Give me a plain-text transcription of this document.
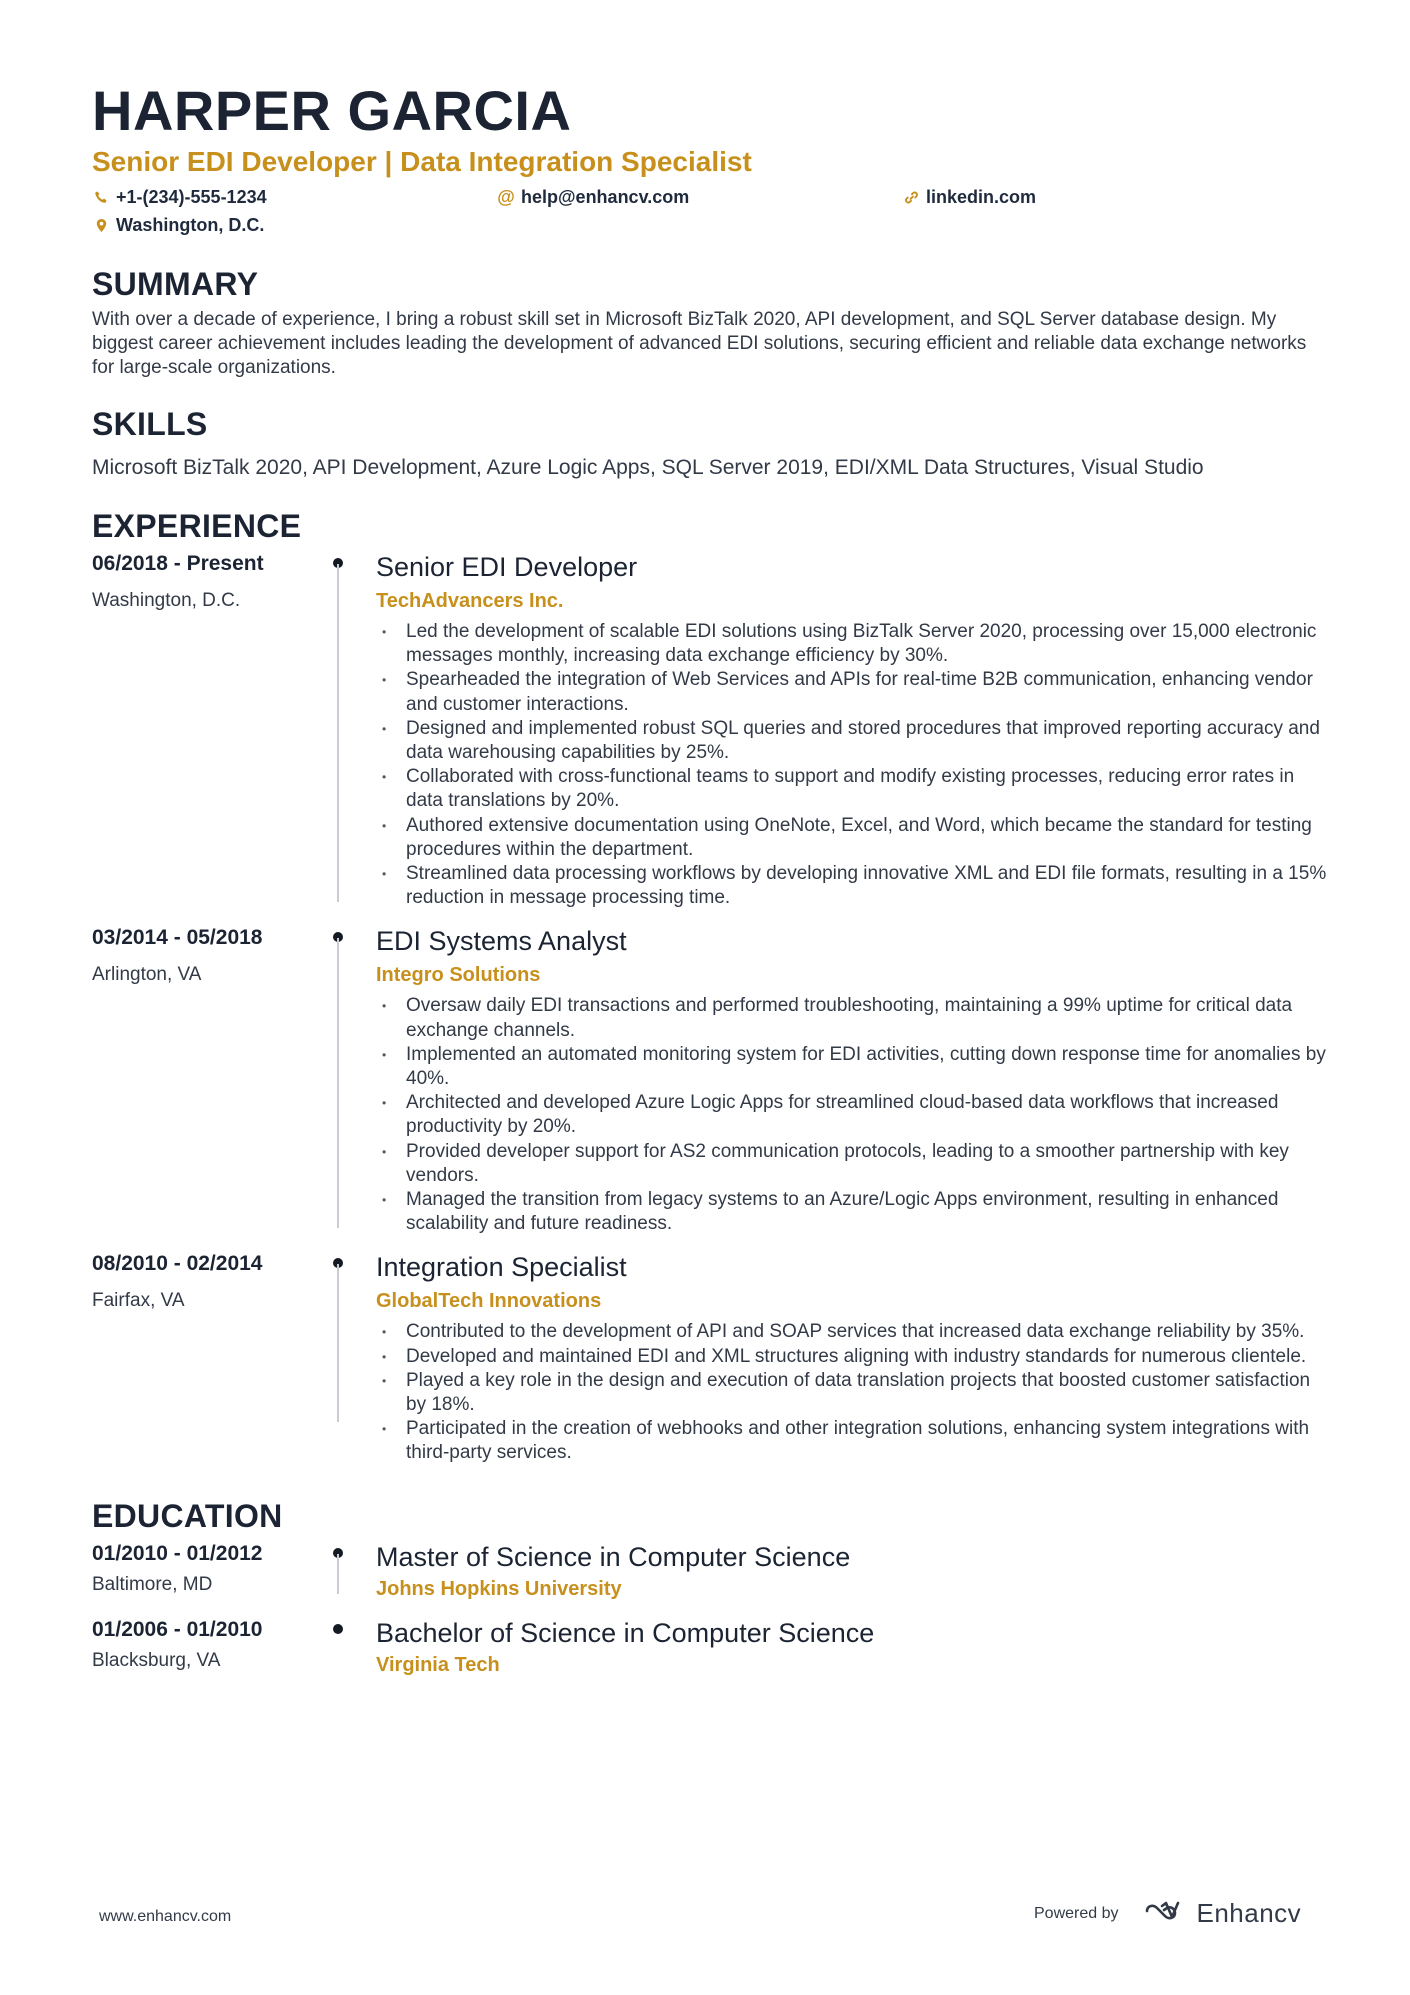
HARPER GARCIA
Senior EDI Developer | Data Integration Specialist
+1-(234)-555-1234	@ help@enhancv.com	linkedin.com
Washington, D.C.
SUMMARY

With over a decade of experience, I bring a robust skill set in Microsoft BizTalk 2020, API development, and SQL Server database design. My biggest career achievement includes leading the development of advanced EDI solutions, securing efficient and reliable data exchange networks for large-scale organizations.

SKILLS

Microsoft BizTalk 2020, API Development, Azure Logic Apps, SQL Server 2019, EDI/XML Data Structures, Visual Studio

EXPERIENCE
06/2018 - Present
Washington, D.C.
Senior EDI Developer
TechAdvancers Inc.
• Led the development of scalable EDI solutions using BizTalk Server 2020, processing over 15,000 electronic messages monthly, increasing data exchange efficiency by 30%.
• Spearheaded the integration of Web Services and APIs for real-time B2B communication, enhancing vendor and customer interactions.
• Designed and implemented robust SQL queries and stored procedures that improved reporting accuracy and data warehousing capabilities by 25%.
• Collaborated with cross-functional teams to support and modify existing processes, reducing error rates in data translations by 20%.
• Authored extensive documentation using OneNote, Excel, and Word, which became the standard for testing procedures within the department.
• Streamlined data processing workflows by developing innovative XML and EDI file formats, resulting in a 15% reduction in message processing time.
03/2014 - 05/2018
Arlington, VA
EDI Systems Analyst
Integro Solutions
• Oversaw daily EDI transactions and performed troubleshooting, maintaining a 99% uptime for critical data exchange channels.
• Implemented an automated monitoring system for EDI activities, cutting down response time for anomalies by 40%.
• Architected and developed Azure Logic Apps for streamlined cloud-based data workflows that increased productivity by 20%.
• Provided developer support for AS2 communication protocols, leading to a smoother partnership with key vendors.
• Managed the transition from legacy systems to an Azure/Logic Apps environment, resulting in enhanced scalability and future readiness.
08/2010 - 02/2014
Fairfax, VA
Integration Specialist
GlobalTech Innovations
• Contributed to the development of API and SOAP services that increased data exchange reliability by 35%.
• Developed and maintained EDI and XML structures aligning with industry standards for numerous clientele.
• Played a key role in the design and execution of data translation projects that boosted customer satisfaction by 18%.
• Participated in the creation of webhooks and other integration solutions, enhancing system integrations with third-party services.
EDUCATION
01/2010 - 01/2012
Baltimore, MD
Master of Science in Computer Science
Johns Hopkins University
01/2006 - 01/2010
Blacksburg, VA
Bachelor of Science in Computer Science
Virginia Tech
www.enhancv.com	Powered by	Enhancv
